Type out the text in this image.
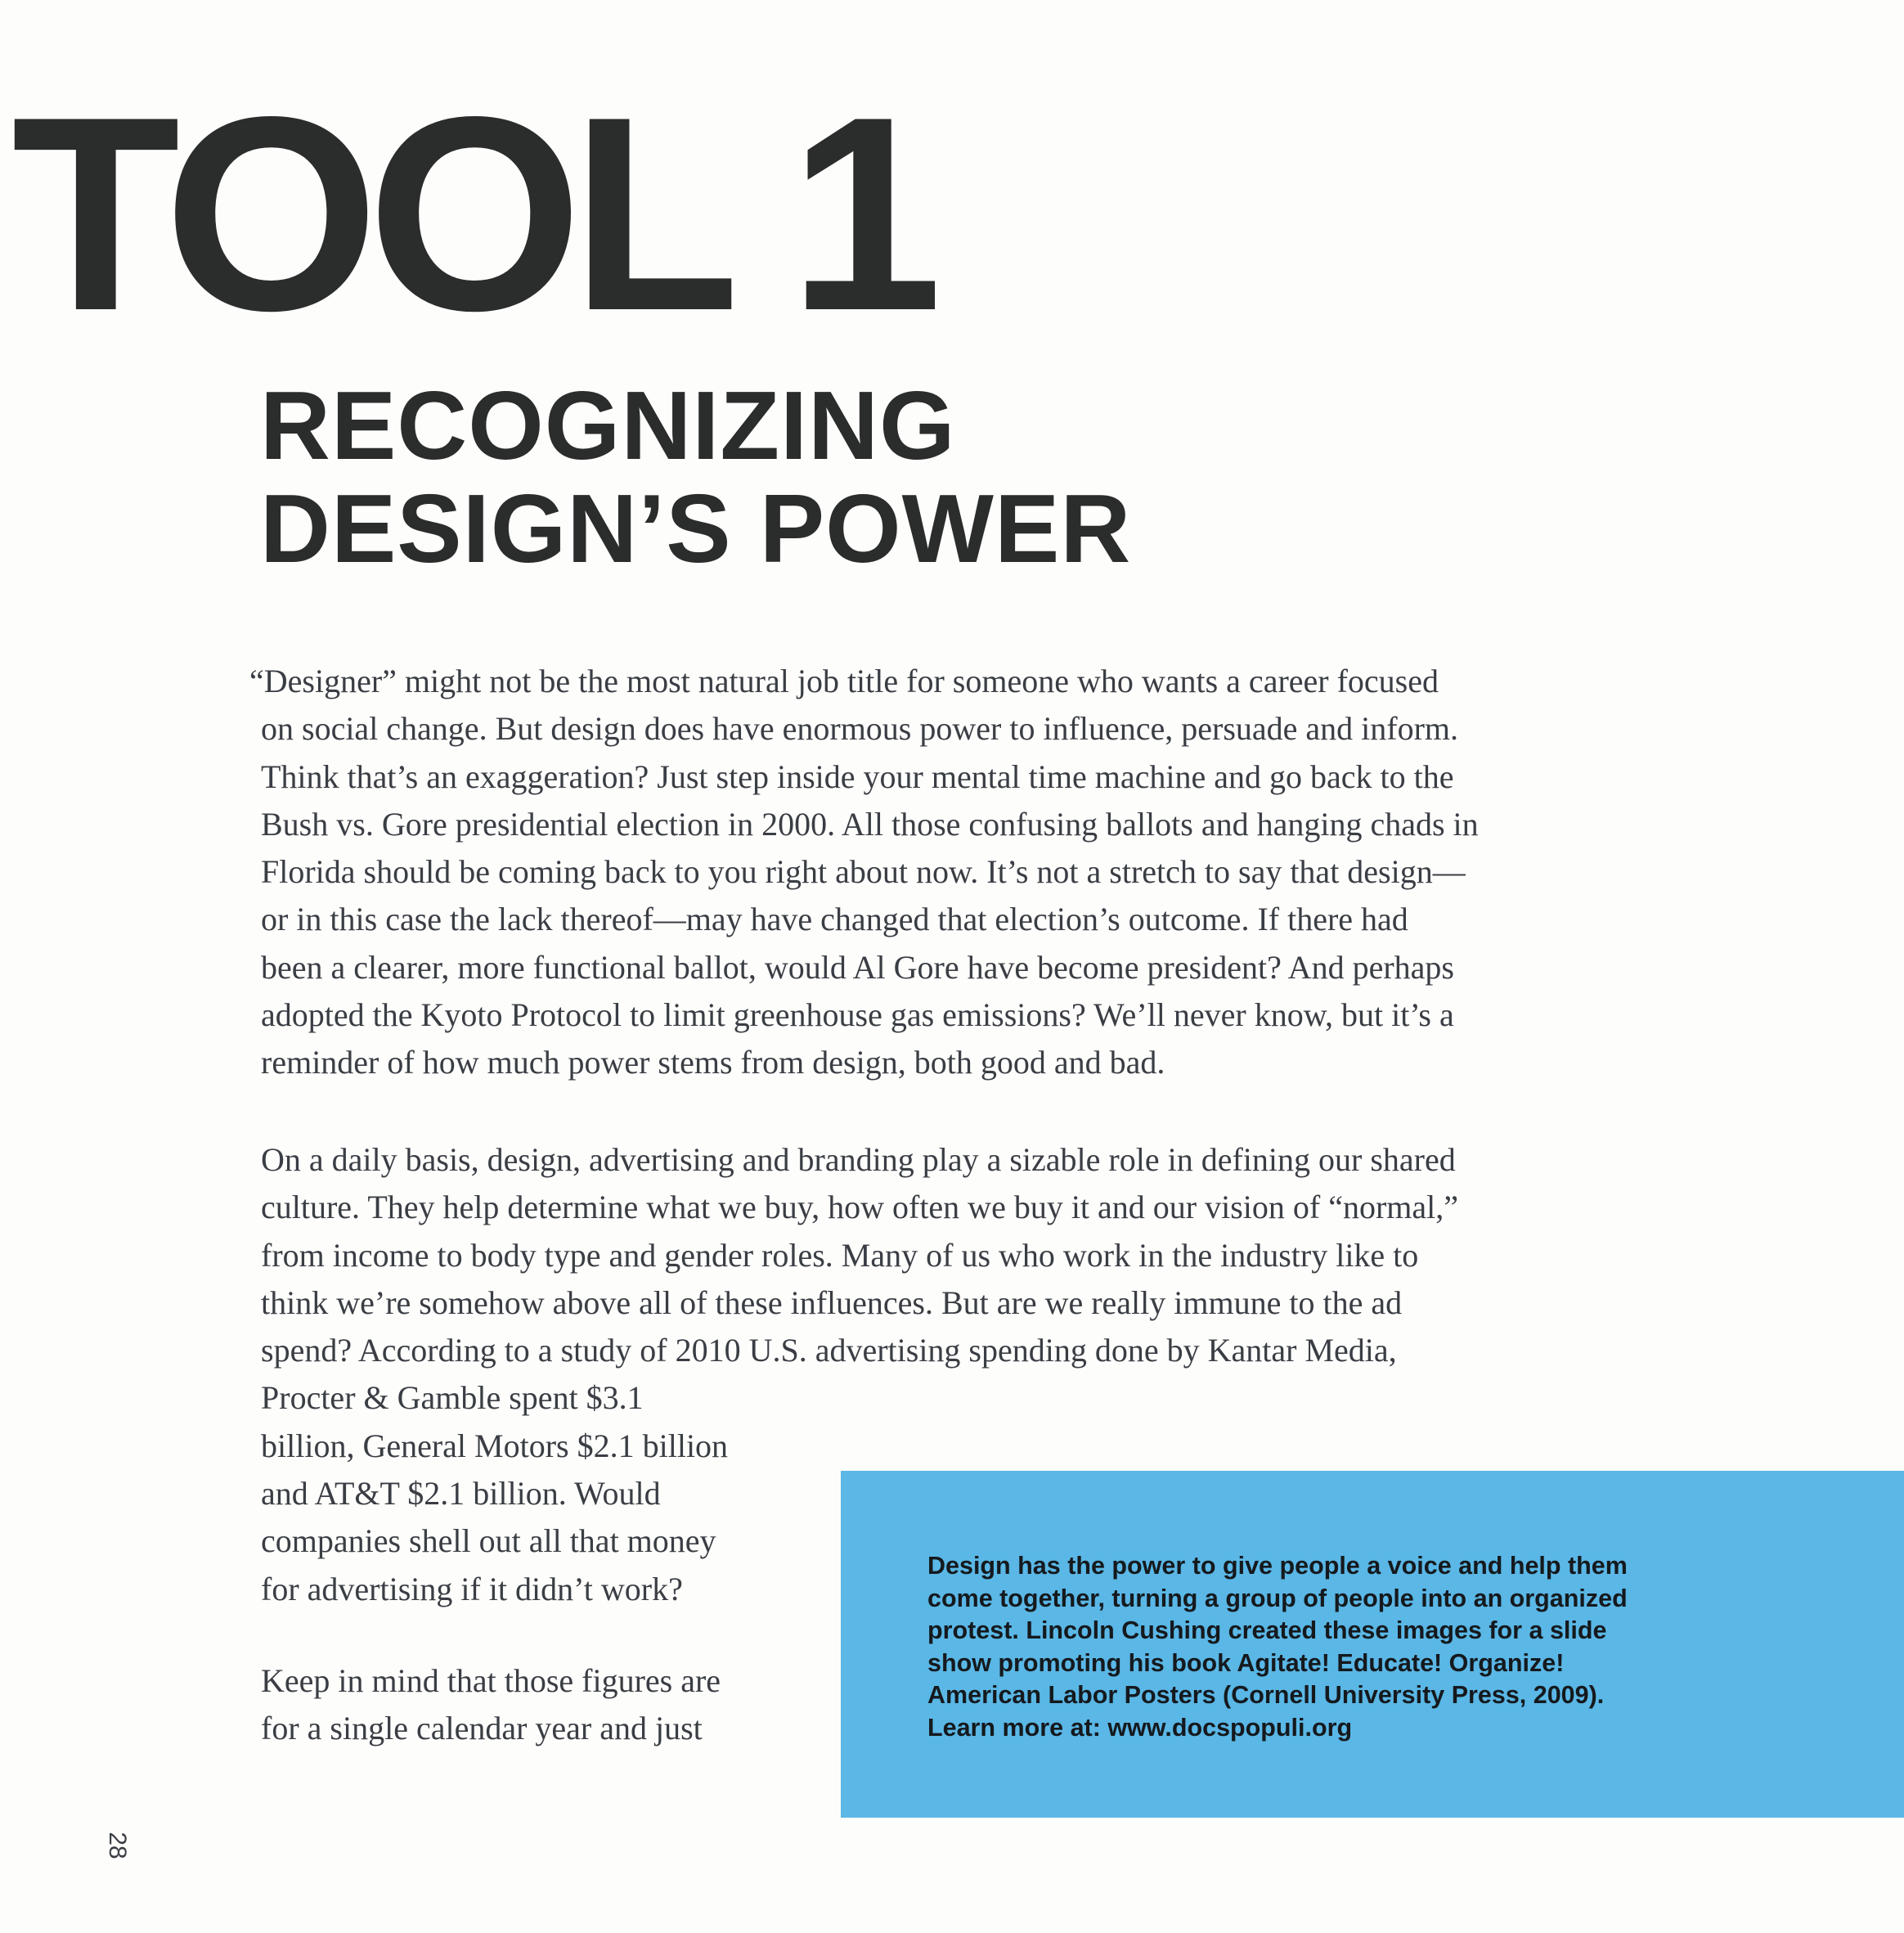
TOOL 1
RECOGNIZING
DESIGN’S POWER

“Designer” might not be the most natural job title for someone who wants a career focused
on social change. But design does have enormous power to influence, persuade and inform.
Think that’s an exaggeration? Just step inside your mental time machine and go back to the
Bush vs. Gore presidential election in 2000. All those confusing ballots and hanging chads in
Florida should be coming back to you right about now. It’s not a stretch to say that design—
or in this case the lack thereof—may have changed that election’s outcome. If there had
been a clearer, more functional ballot, would Al Gore have become president? And perhaps
adopted the Kyoto Protocol to limit greenhouse gas emissions? We’ll never know, but it’s a
reminder of how much power stems from design, both good and bad.

On a daily basis, design, advertising and branding play a sizable role in defining our shared
culture. They help determine what we buy, how often we buy it and our vision of “normal,”
from income to body type and gender roles. Many of us who work in the industry like to
think we’re somehow above all of these influences. But are we really immune to the ad
spend? According to a study of 2010 U.S. advertising spending done by Kantar Media,
Procter & Gamble spent $3.1
billion, General Motors $2.1 billion
and AT&T $2.1 billion. Would
companies shell out all that money
for advertising if it didn’t work?

Keep in mind that those figures are
for a single calendar year and just

Design has the power to give people a voice and help them
come together, turning a group of people into an organized
protest. Lincoln Cushing created these images for a slide
show promoting his book Agitate! Educate! Organize!
American Labor Posters (Cornell University Press, 2009).
Learn more at: www.docspopuli.org

28
